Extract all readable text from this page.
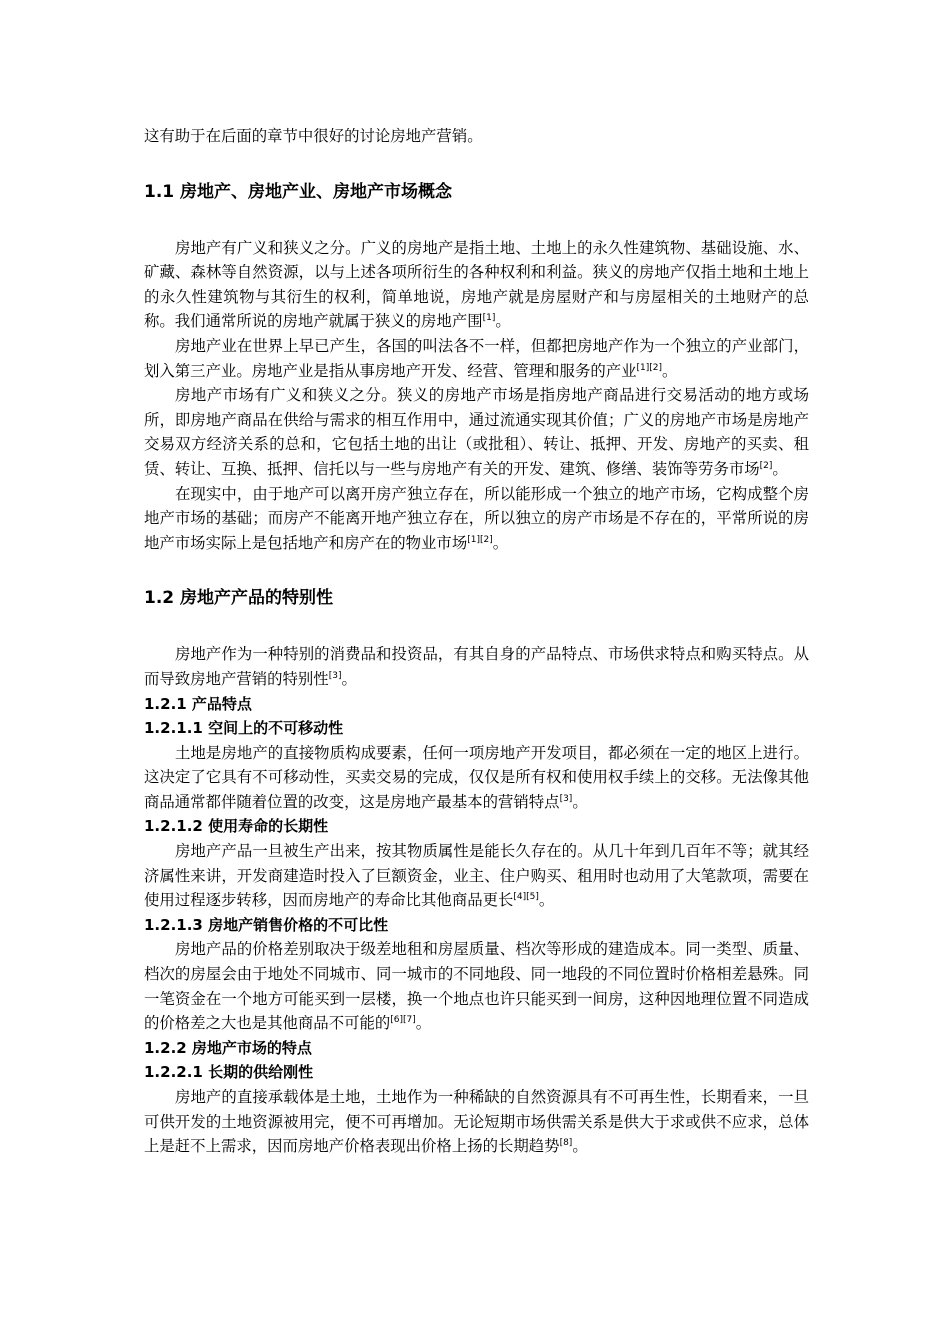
这有助于在后面的章节中很好的讨论房地产营销。

1.1 房地产、房地产业、房地产市场概念

房地产有广义和狭义之分。广义的房地产是指土地、土地上的永久性建筑物、基础设施、水、矿藏、森林等自然资源，以与上述各项所衍生的各种权利和利益。狭义的房地产仅指土地和土地上的永久性建筑物与其衍生的权利，简单地说，房地产就是房屋财产和与房屋相关的土地财产的总称。我们通常所说的房地产就属于狭义的房地产围[1]。

房地产业在世界上早已产生，各国的叫法各不一样，但都把房地产作为一个独立的产业部门，划入第三产业。房地产业是指从事房地产开发、经营、管理和服务的产业[1][2]。

房地产市场有广义和狭义之分。狭义的房地产市场是指房地产商品进行交易活动的地方或场所，即房地产商品在供给与需求的相互作用中，通过流通实现其价值；广义的房地产市场是房地产交易双方经济关系的总和，它包括土地的出让（或批租）、转让、抵押、开发、房地产的买卖、租赁、转让、互换、抵押、信托以与一些与房地产有关的开发、建筑、修缮、装饰等劳务市场[2]。

在现实中，由于地产可以离开房产独立存在，所以能形成一个独立的地产市场，它构成整个房地产市场的基础；而房产不能离开地产独立存在，所以独立的房产市场是不存在的，平常所说的房地产市场实际上是包括地产和房产在的物业市场[1][2]。

1.2 房地产产品的特别性

房地产作为一种特别的消费品和投资品，有其自身的产品特点、市场供求特点和购买特点。从而导致房地产营销的特别性[3]。

1.2.1 产品特点
1.2.1.1 空间上的不可移动性

土地是房地产的直接物质构成要素，任何一项房地产开发项目，都必须在一定的地区上进行。这决定了它具有不可移动性，买卖交易的完成，仅仅是所有权和使用权手续上的交移。无法像其他商品通常都伴随着位置的改变，这是房地产最基本的营销特点[3]。

1.2.1.2 使用寿命的长期性

房地产产品一旦被生产出来，按其物质属性是能长久存在的。从几十年到几百年不等；就其经济属性来讲，开发商建造时投入了巨额资金，业主、住户购买、租用时也动用了大笔款项，需要在使用过程逐步转移，因而房地产的寿命比其他商品更长[4][5]。

1.2.1.3 房地产销售价格的不可比性

房地产品的价格差别取决于级差地租和房屋质量、档次等形成的建造成本。同一类型、质量、档次的房屋会由于地处不同城市、同一城市的不同地段、同一地段的不同位置时价格相差悬殊。同一笔资金在一个地方可能买到一层楼，换一个地点也许只能买到一间房，这种因地理位置不同造成的价格差之大也是其他商品不可能的[6][7]。

1.2.2 房地产市场的特点
1.2.2.1 长期的供给刚性

房地产的直接承载体是土地，土地作为一种稀缺的自然资源具有不可再生性，长期看来，一旦可供开发的土地资源被用完，便不可再增加。无论短期市场供需关系是供大于求或供不应求，总体上是赶不上需求，因而房地产价格表现出价格上扬的长期趋势[8]。
